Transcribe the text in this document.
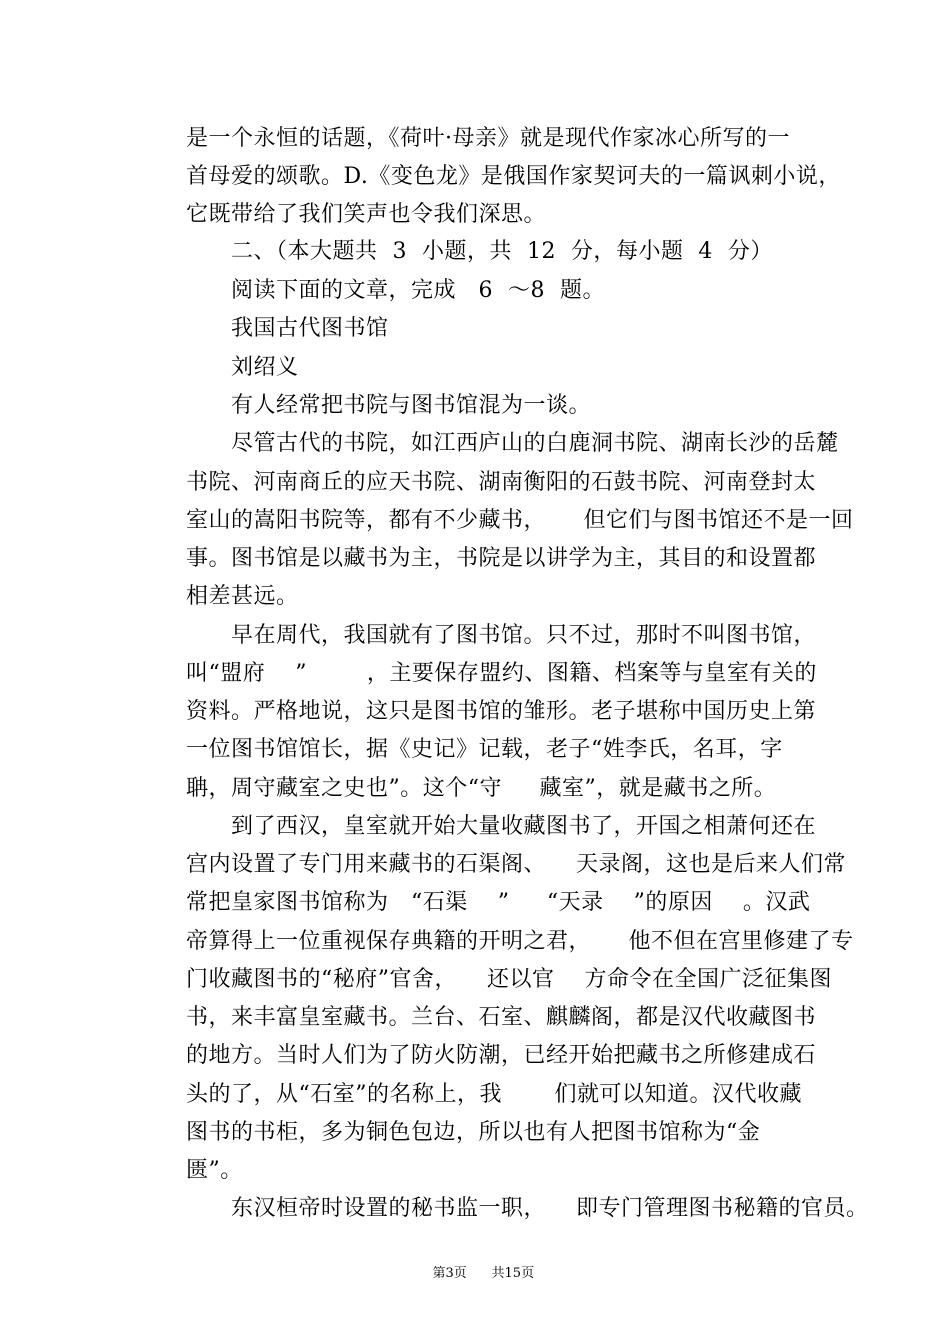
是一个永恒的话题，《荷叶·母亲》就是现代作家冰心所写的一
首母爱的颂歌。D.《变色龙》是俄国作家契诃夫的一篇讽刺小说，
它既带给了我们笑声也令我们深思。
二、（本大题共  3  小题，共  12  分，每小题  4  分）
阅读下面的文章，完成   6  ～8  题。
我国古代图书馆
刘绍义
有人经常把书院与图书馆混为一谈。
尽管古代的书院，如江西庐山的白鹿洞书院、湖南长沙的岳麓
书院、河南商丘的应天书院、湖南衡阳的石鼓书院、河南登封太
室山的嵩阳书院等，都有不少藏书，     但它们与图书馆还不是一回
事。图书馆是以藏书为主，书院是以讲学为主，其目的和设置都
相差甚远。
早在周代，我国就有了图书馆。只不过，那时不叫图书馆，
叫“盟府    ”        ，主要保存盟约、图籍、档案等与皇室有关的
资料。严格地说，这只是图书馆的雏形。老子堪称中国历史上第
一位图书馆馆长，据《史记》记载，老子“姓李氏，名耳，字
聃，周守藏室之史也”。这个“守     藏室”，就是藏书之所。
到了西汉，皇室就开始大量收藏图书了，开国之相萧何还在
宫内设置了专门用来藏书的石渠阁、    天录阁，这也是后来人们常
常把皇家图书馆称为   “石渠    ”     “天录    ”的原因    。汉武
帝算得上一位重视保存典籍的开明之君，     他不但在宫里修建了专
门收藏图书的“秘府”官舍，    还以官    方命令在全国广泛征集图
书，来丰富皇室藏书。兰台、石室、麒麟阁，都是汉代收藏图书
的地方。当时人们为了防火防潮，已经开始把藏书之所修建成石
头的了，从“石室”的名称上，我       们就可以知道。汉代收藏
图书的书柜，多为铜色包边，所以也有人把图书馆称为“金
匮”。
东汉桓帝时设置的秘书监一职，    即专门管理图书秘籍的官员。

第3页 共15页
